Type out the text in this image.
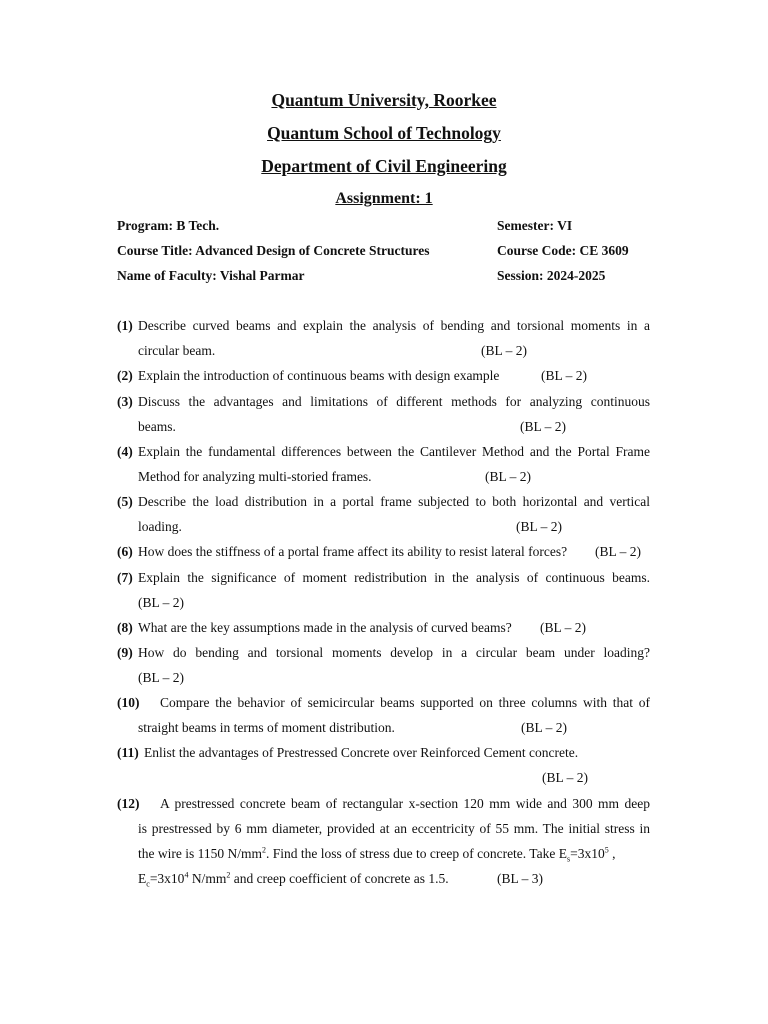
Quantum University, Roorkee
Quantum School of Technology
Department of Civil Engineering
Assignment: 1
Program: B Tech.	Semester: VI
Course Title: Advanced Design of Concrete Structures	Course Code: CE 3609
Name of Faculty: Vishal Parmar	Session: 2024-2025
(1) Describe curved beams and explain the analysis of bending and torsional moments in a
circular beam.	(BL – 2)
(2) Explain the introduction of continuous beams with design example	(BL – 2)
(3) Discuss the advantages and limitations of different methods for analyzing continuous
beams.	(BL – 2)
(4) Explain the fundamental differences between the Cantilever Method and the Portal Frame
Method for analyzing multi-storied frames.	(BL – 2)
(5) Describe the load distribution in a portal frame subjected to both horizontal and vertical
loading.	(BL – 2)
(6) How does the stiffness of a portal frame affect its ability to resist lateral forces?	(BL – 2)
(7) Explain the significance of moment redistribution in the analysis of continuous beams.
(BL – 2)
(8) What are the key assumptions made in the analysis of curved beams?	(BL – 2)
(9) How do bending and torsional moments develop in a circular beam under loading?
(BL – 2)
(10) Compare the behavior of semicircular beams supported on three columns with that of
straight beams in terms of moment distribution.	(BL – 2)
(11) Enlist the advantages of Prestressed Concrete over Reinforced Cement concrete.
(BL – 2)
(12) A prestressed concrete beam of rectangular x-section 120 mm wide and 300 mm deep
is prestressed by 6 mm diameter, provided at an eccentricity of 55 mm. The initial stress in
the wire is 1150 $N/mm^2$. Find the loss of stress due to creep of concrete. Take $E_s=3x10^5$ ,
$E_c=3x10^4$ $N/mm^2$ and creep coefficient of concrete as 1.5.	(BL – 3)
